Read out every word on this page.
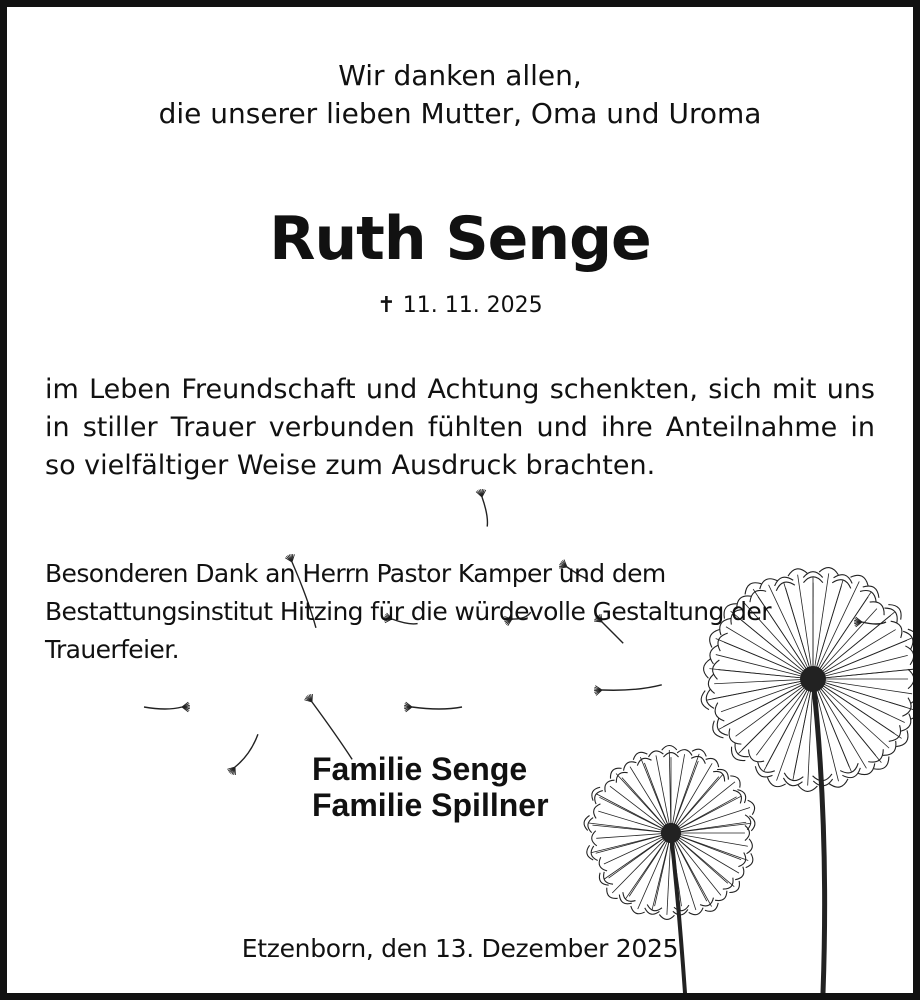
Wir danken allen,
die unserer lieben Mutter, Oma und Uroma
Ruth Senge
✝ 11. 11. 2025
im Leben Freundschaft und Achtung schenkten, sich mit uns in stiller Trauer verbunden fühlten und ihre Anteilnahme in so vielfältiger Weise zum Ausdruck brachten.
Besonderen Dank an Herrn Pastor Kamper und dem
Bestattungsinstitut Hitzing für die würdevolle Gestaltung der
Trauerfeier.
Familie Senge
Familie Spillner
Etzenborn, den 13. Dezember 2025
